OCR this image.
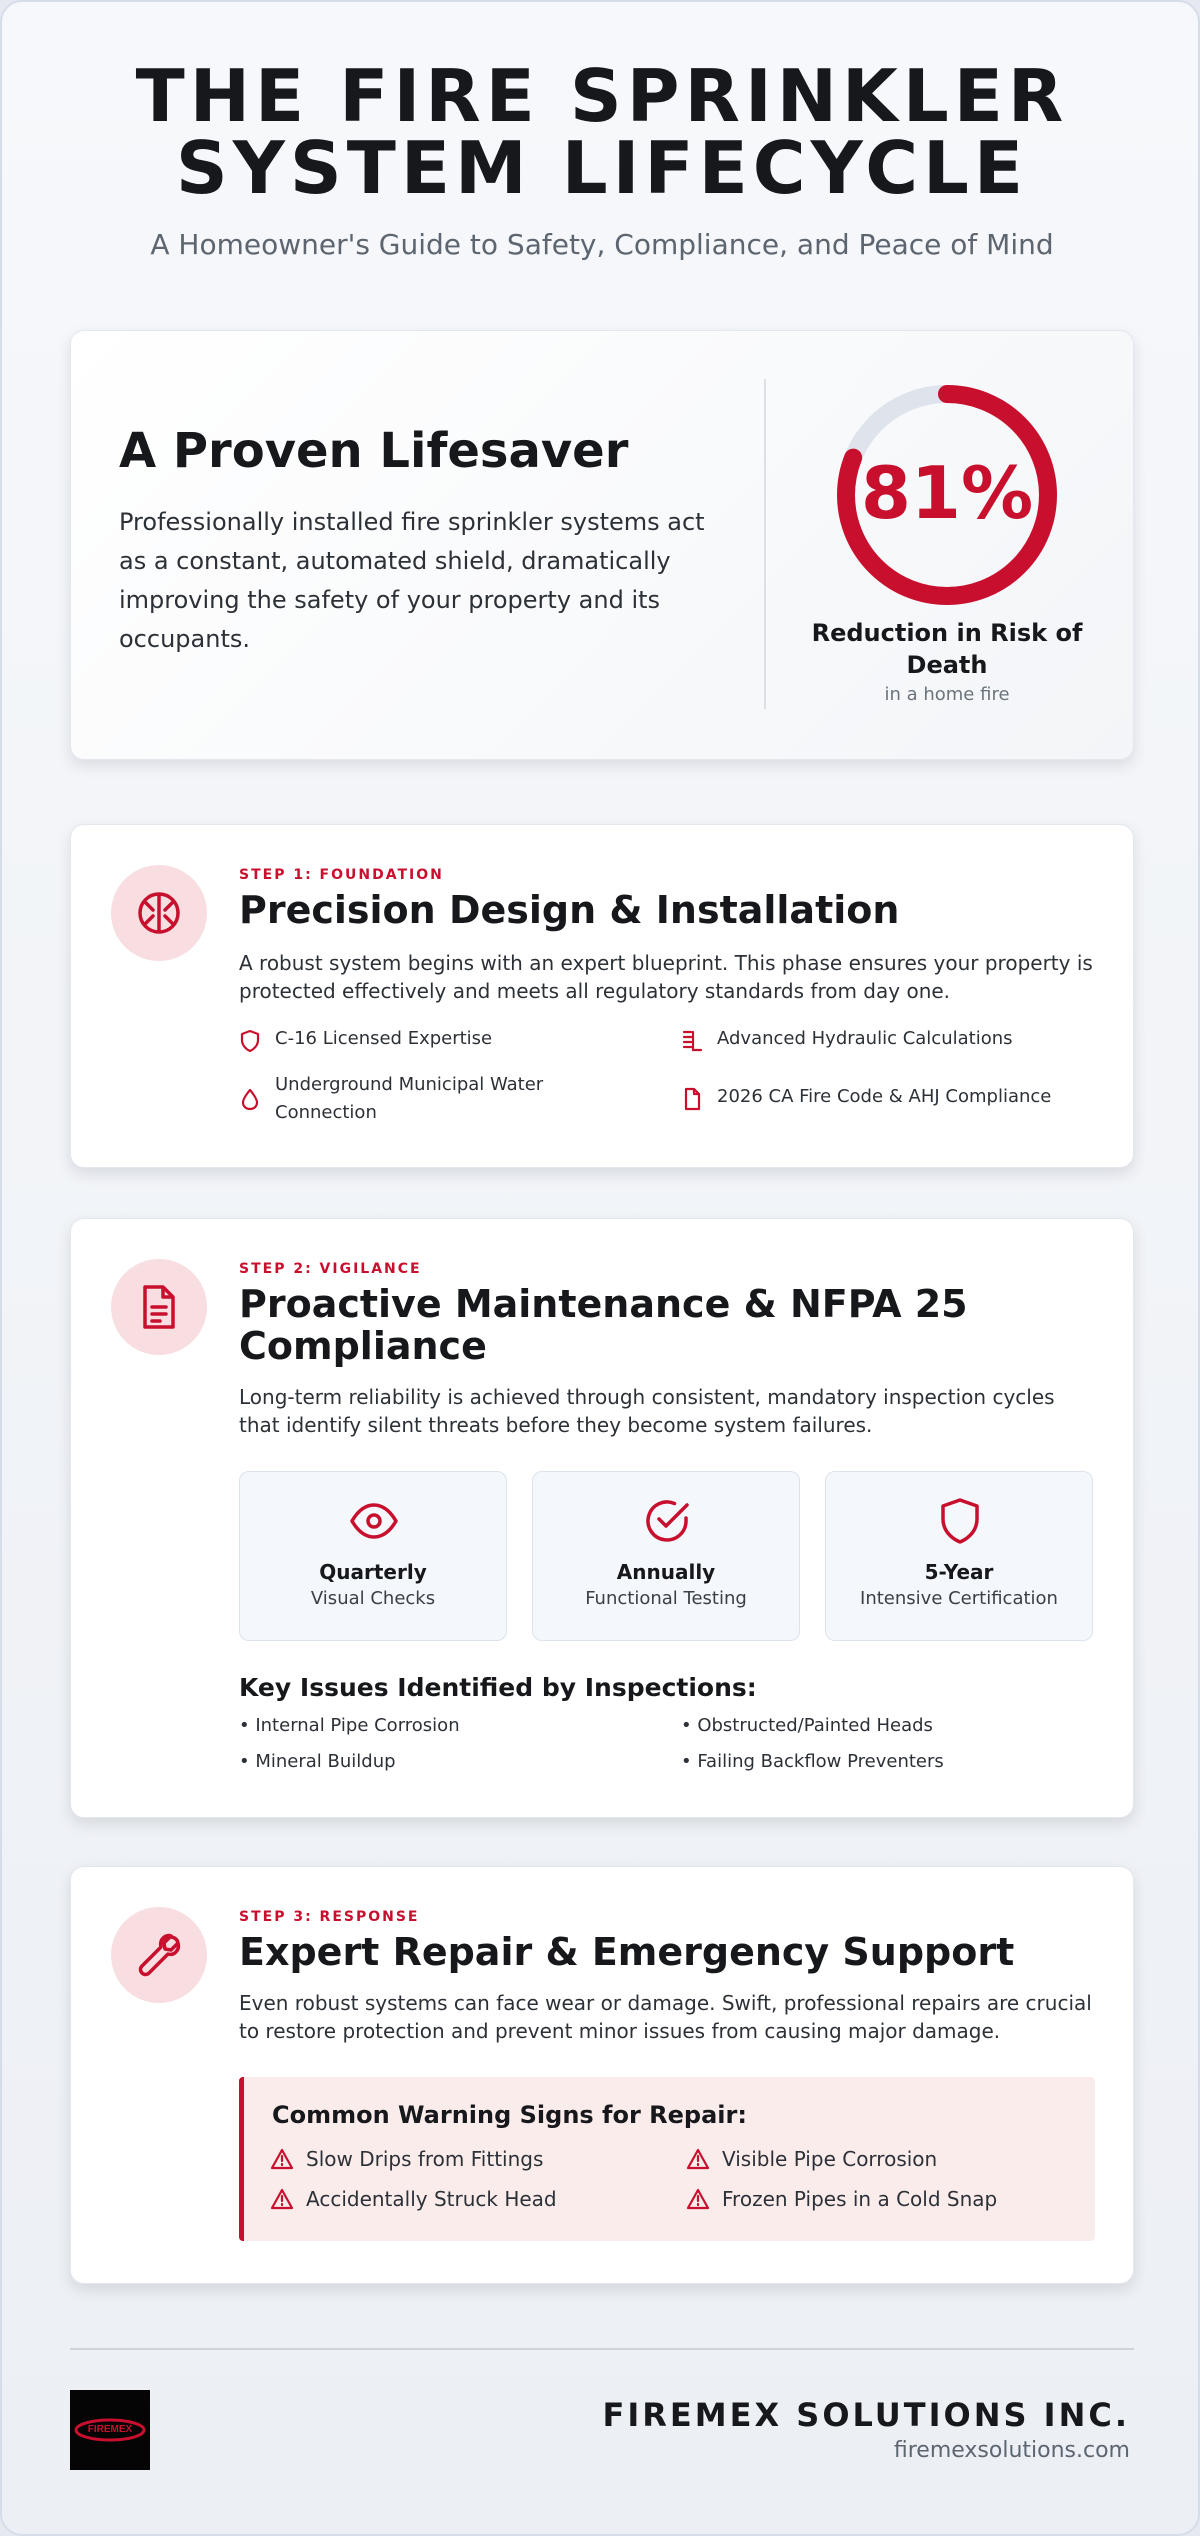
THE FIRE SPRINKLER
SYSTEM LIFECYCLE
A Homeowner's Guide to Safety, Compliance, and Peace of Mind
A Proven Lifesaver
Professionally installed fire sprinkler systems act as a constant, automated shield, dramatically improving the safety of your property and its occupants.
81%
Reduction in Risk of Death
in a home fire
STEP 1: FOUNDATION
Precision Design & Installation
A robust system begins with an expert blueprint. This phase ensures your property is protected effectively and meets all regulatory standards from day one.
C-16 Licensed Expertise	Advanced Hydraulic Calculations
Underground Municipal Water Connection
2026 CA Fire Code & AHJ Compliance
STEP 2: VIGILANCE
Proactive Maintenance & NFPA 25 Compliance
Long-term reliability is achieved through consistent, mandatory inspection cycles that identify silent threats before they become system failures.
Quarterly
Visual Checks
Annually
Functional Testing
5-Year
Intensive Certification
Key Issues Identified by Inspections:
• Internal Pipe Corrosion	• Obstructed/Painted Heads
• Mineral Buildup	• Failing Backflow Preventers
STEP 3: RESPONSE
Expert Repair & Emergency Support
Even robust systems can face wear or damage. Swift, professional repairs are crucial to restore protection and prevent minor issues from causing major damage.
Common Warning Signs for Repair:
Slow Drips from Fittings	Visible Pipe Corrosion
Accidentally Struck Head	Frozen Pipes in a Cold Snap
FIREMEX	FIREMEX SOLUTIONS INC.
firemexsolutions.com
